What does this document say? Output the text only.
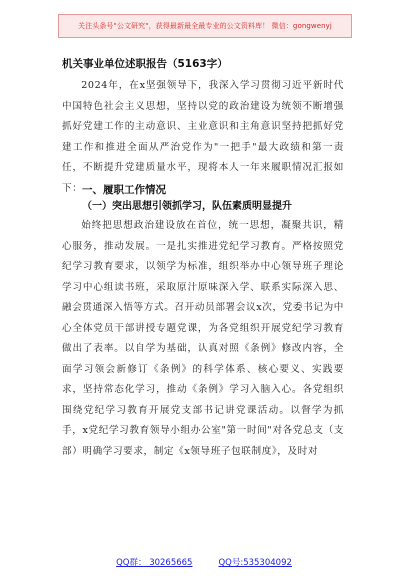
关注头条号"公文研究"，获得最新最全最专业的公文资料库！ 微信：gongwenyj
机关事业单位述职报告（5163字）
2024年，在x坚强领导下，我深入学习贯彻习近平新时代中国特色社会主义思想，坚持以党的政治建设为统领不断增强抓好党建工作的主动意识、主业意识和主角意识坚持把抓好党建工作和推进全面从严治党作为"一把手"最大政绩和第一责任，不断提升党建质量水平，现将本人一年来履职情况汇报如下： 一、履职工作情况
（一）突出思想引领抓学习，队伍素质明显提升
始终把思想政治建设放在首位，统一思想，凝聚共识，精心服务，推动发展。一是扎实推进党纪学习教育。严格按照党纪学习教育要求，以领学为标准，组织举办中心领导班子理论学习中心组读书班，采取原汁原味深入学、联系实际深入思、融会贯通深入悟等方式。召开动员部署会议x次，党委书记为中心全体党员干部讲授专题党课，为各党组织开展党纪学习教育做出了表率。以自学为基础，认真对照《条例》修改内容，全面学习领会新修订《条例》的科学体系、核心要义、实践要求，坚持常态化学习，推动《条例》学习入脑入心。各党组织围绕党纪学习教育开展党支部书记讲党课活动。以督学为抓手，x党纪学习教育领导小组办公室"第一时间"对各党总支（支部）明确学习要求，制定《x领导班子包联制度》，及时对
QQ群： 30265665	QQ号:535304092
